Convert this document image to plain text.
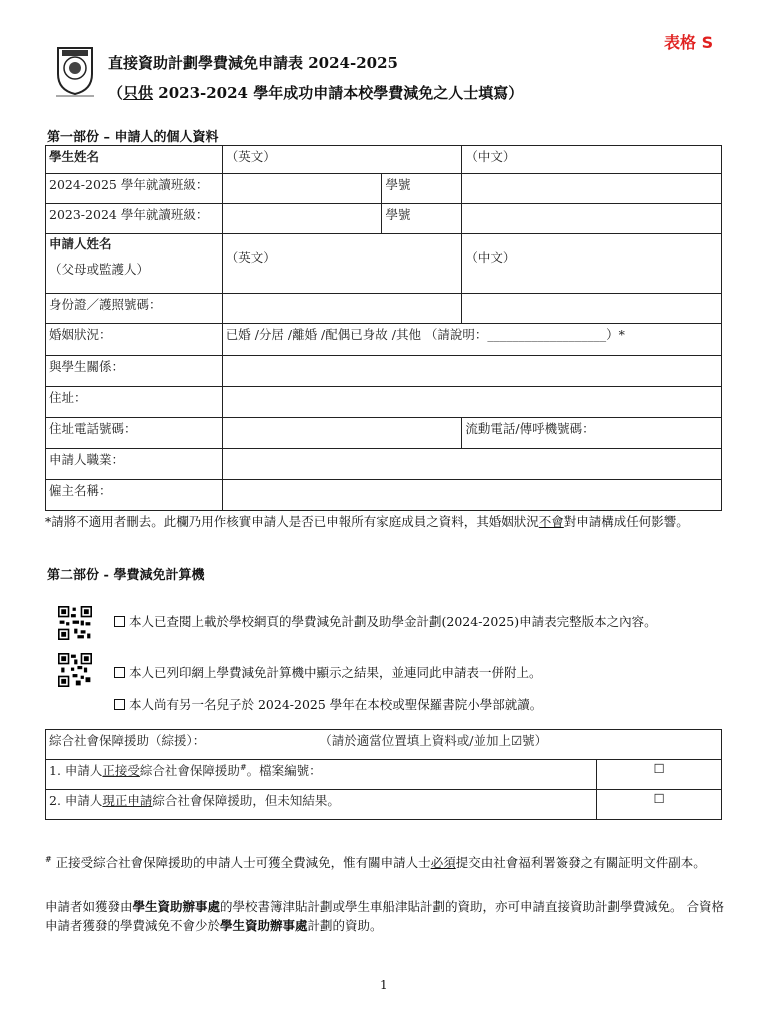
表格 S
直接資助計劃學費減免申請表 2024-2025
（只供 2023-2024 學年成功申請本校學費減免之人士填寫）
第一部份 – 申請人的個人資料
學生姓名	（英文）		（中文）
2024-2025 學年就讀班級：		學號	
2023-2024 學年就讀班級：		學號	

申請人姓名
（父母或監護人）	（英文）		（中文）
身份證／護照號碼：			
婚姻狀況：	已婚 /分居 /離婚 /配偶已身故 /其他 （請說明：___________________）*		
與學生關係：			
住址：			
住址電話號碼：			流動電話/傳呼機號碼：
申請人職業：			
僱主名稱：			
*請將不適用者刪去。此欄乃用作核實申請人是否已申報所有家庭成員之資料，其婚姻狀況不會對申請構成任何影響。
第二部份 - 學費減免計算機
本人已查閱上載於學校網頁的學費減免計劃及助學金計劃(2024-2025)申請表完整版本之內容。
本人已列印網上學費減免計算機中顯示之結果，並連同此申請表一併附上。
本人尚有另一名兒子於 2024-2025 學年在本校或聖保羅書院小學部就讀。
綜合社會保障援助（綜援）： （請於適當位置填上資料或/並加上☑號）	
1. 申請人正接受綜合社會保障援助#。檔案編號：	☐
2. 申請人現正申請綜合社會保障援助，但未知結果。	☐
# 正接受綜合社會保障援助的申請人士可獲全費減免，惟有關申請人士必須提交由社會福利署簽發之有關証明文件副本。
申請者如獲發由學生資助辦事處的學校書簿津貼計劃或學生車船津貼計劃的資助，亦可申請直接資助計劃學費減免。 合資格申請者獲發的學費減免不會少於學生資助辦事處計劃的資助。
1
